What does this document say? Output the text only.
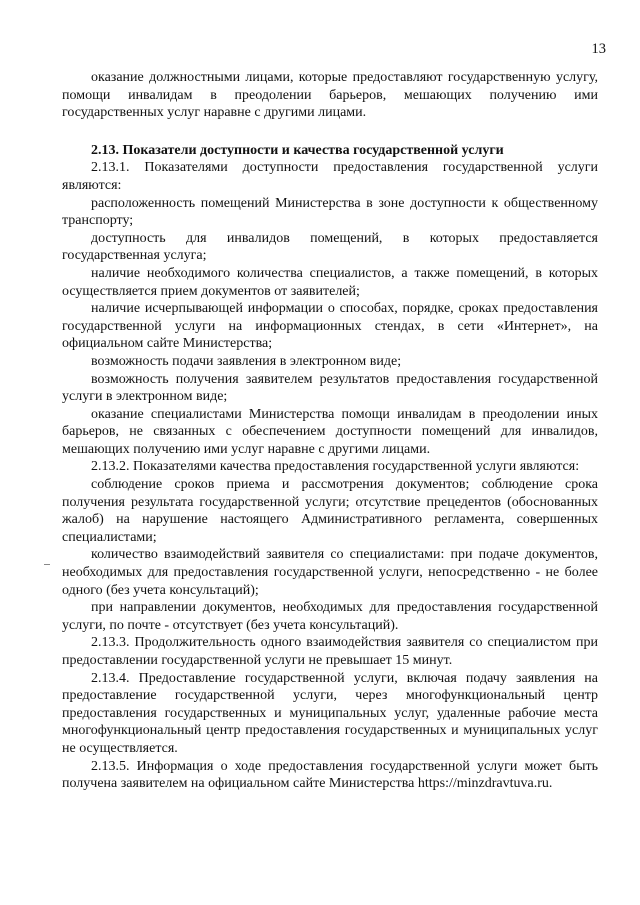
13

оказание должностными лицами, которые предоставляют государственную услугу, помощи инвалидам в преодолении барьеров, мешающих получению ими государственных услуг наравне с другими лицами.

2.13. Показатели доступности и качества государственной услуги

2.13.1. Показателями доступности предоставления государственной услуги являются:

расположенность помещений Министерства в зоне доступности к общественному транспорту;

доступность для инвалидов помещений, в которых предоставляется государственная услуга;

наличие необходимого количества специалистов, а также помещений, в которых осуществляется прием документов от заявителей;

наличие исчерпывающей информации о способах, порядке, сроках предоставления государственной услуги на информационных стендах, в сети «Интернет», на официальном сайте Министерства;

возможность подачи заявления в электронном виде;

возможность получения заявителем результатов предоставления государственной услуги в электронном виде;

оказание специалистами Министерства помощи инвалидам в преодолении иных барьеров, не связанных с обеспечением доступности помещений для инвалидов, мешающих получению ими услуг наравне с другими лицами.

2.13.2. Показателями качества предоставления государственной услуги являются:

соблюдение сроков приема и рассмотрения документов; соблюдение срока получения результата государственной услуги; отсутствие прецедентов (обоснованных жалоб) на нарушение настоящего Административного регламента, совершенных специалистами;

количество взаимодействий заявителя со специалистами: при подаче документов, необходимых для предоставления государственной услуги, непосредственно - не более одного (без учета консультаций);

при направлении документов, необходимых для предоставления государственной услуги, по почте - отсутствует (без учета консультаций).

2.13.3. Продолжительность одного взаимодействия заявителя со специалистом при предоставлении государственной услуги не превышает 15 минут.

2.13.4. Предоставление государственной услуги, включая подачу заявления на предоставление государственной услуги, через многофункциональный центр предоставления государственных и муниципальных услуг, удаленные рабочие места многофункциональный центр предоставления государственных и муниципальных услуг не осуществляется.

2.13.5. Информация о ходе предоставления государственной услуги может быть получена заявителем на официальном сайте Министерства https://minzdravtuva.ru.
